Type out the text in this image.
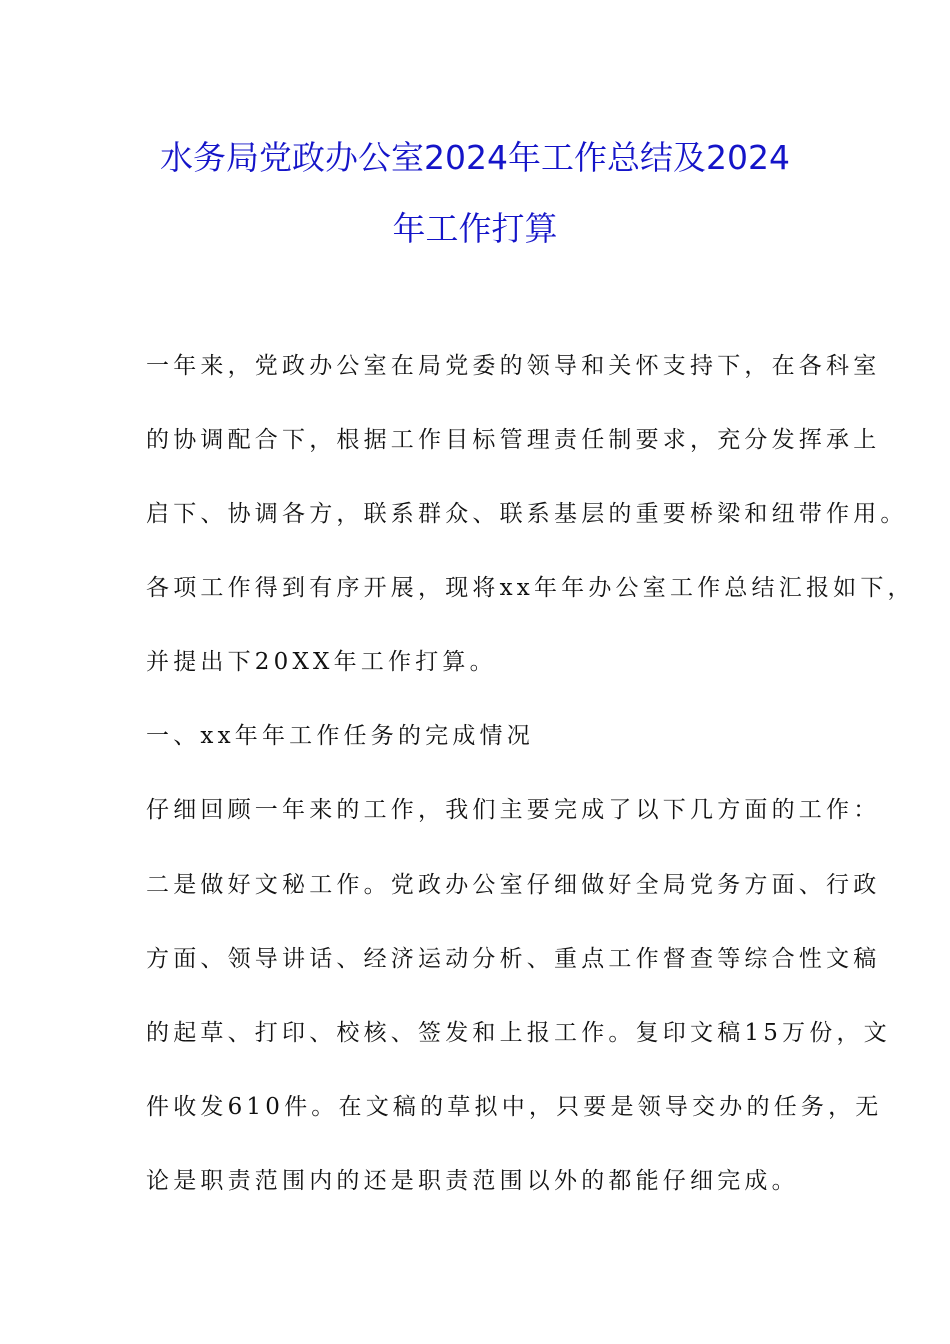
水务局党政办公室2024年工作总结及2024
年工作打算
一年来，党政办公室在局党委的领导和关怀支持下，在各科室
的协调配合下，根据工作目标管理责任制要求，充分发挥承上
启下、协调各方，联系群众、联系基层的重要桥梁和纽带作用。
各项工作得到有序开展，现将xx年年办公室工作总结汇报如下，
并提出下20XX年工作打算。
一、xx年年工作任务的完成情况
仔细回顾一年来的工作，我们主要完成了以下几方面的工作：
二是做好文秘工作。党政办公室仔细做好全局党务方面、行政
方面、领导讲话、经济运动分析、重点工作督查等综合性文稿
的起草、打印、校核、签发和上报工作。复印文稿15万份，文
件收发610件。在文稿的草拟中，只要是领导交办的任务，无
论是职责范围内的还是职责范围以外的都能仔细完成。
